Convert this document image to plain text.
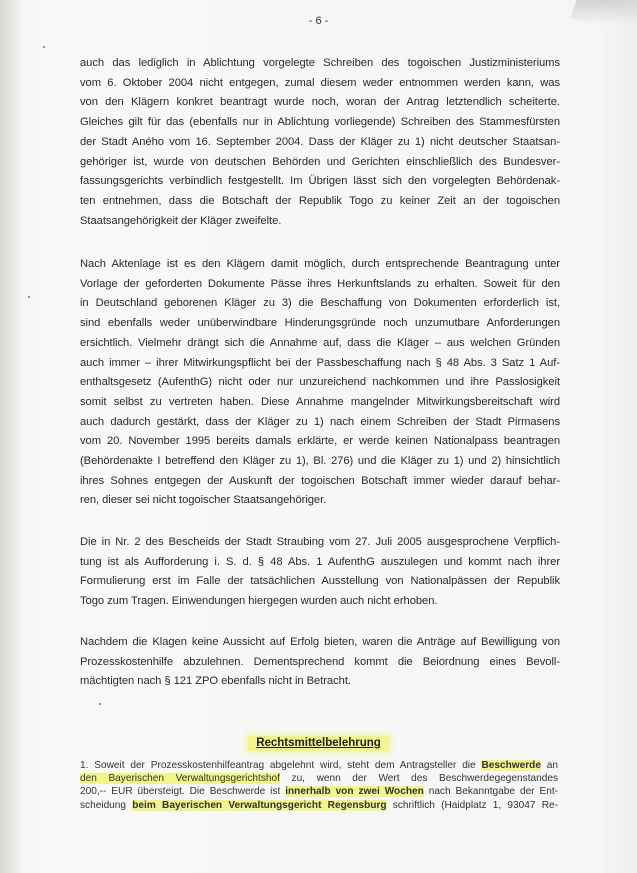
- 6 -
auch das lediglich in Ablichtung vorgelegte Schreiben des togoischen Justizministeriums
vom 6. Oktober 2004 nicht entgegen, zumal diesem weder entnommen werden kann, was
von den Klägern konkret beantragt wurde noch, woran der Antrag letztendlich scheiterte.
Gleiches gilt für das (ebenfalls nur in Ablichtung vorliegende) Schreiben des Stammesfürsten
der Stadt Aného vom 16. September 2004. Dass der Kläger zu 1) nicht deutscher Staatsan-
gehöriger ist, wurde von deutschen Behörden und Gerichten einschließlich des Bundesver-
fassungsgerichts verbindlich festgestellt. Im Übrigen lässt sich den vorgelegten Behördenak-
ten entnehmen, dass die Botschaft der Republik Togo zu keiner Zeit an der togoischen
Staatsangehörigkeit der Kläger zweifelte.
Nach Aktenlage ist es den Klägern damit möglich, durch entsprechende Beantragung unter
Vorlage der geforderten Dokumente Pässe ihres Herkunftslands zu erhalten. Soweit für den
in Deutschland geborenen Kläger zu 3) die Beschaffung von Dokumenten erforderlich ist,
sind ebenfalls weder unüberwindbare Hinderungsgründe noch unzumutbare Anforderungen
ersichtlich. Vielmehr drängt sich die Annahme auf, dass die Kläger – aus welchen Gründen
auch immer – ihrer Mitwirkungspflicht bei der Passbeschaffung nach § 48 Abs. 3 Satz 1 Auf-
enthaltsgesetz (AufenthG) nicht oder nur unzureichend nachkommen und ihre Passlosigkeit
somit selbst zu vertreten haben. Diese Annahme mangelnder Mitwirkungsbereitschaft wird
auch dadurch gestärkt, dass der Kläger zu 1) nach einem Schreiben der Stadt Pirmasens
vom 20. November 1995 bereits damals erklärte, er werde keinen Nationalpass beantragen
(Behördenakte I betreffend den Kläger zu 1), Bl. 276) und die Kläger zu 1) und 2) hinsichtlich
ihres Sohnes entgegen der Auskunft der togoischen Botschaft immer wieder darauf behar-
ren, dieser sei nicht togoischer Staatsangehöriger.
Die in Nr. 2 des Bescheids der Stadt Straubing vom 27. Juli 2005 ausgesprochene Verpflich-
tung ist als Aufforderung i. S. d. § 48 Abs. 1 AufenthG auszulegen und kommt nach ihrer
Formulierung erst im Falle der tatsächlichen Ausstellung von Nationalpässen der Republik
Togo zum Tragen. Einwendungen hiergegen wurden auch nicht erhoben.
Nachdem die Klagen keine Aussicht auf Erfolg bieten, waren die Anträge auf Bewilligung von
Prozesskostenhilfe abzulehnen. Dementsprechend kommt die Beiordnung eines Bevoll-
mächtigten nach § 121 ZPO ebenfalls nicht in Betracht.
Rechtsmittelbelehrung
1. Soweit der Prozesskostenhilfeantrag abgelehnt wird, steht dem Antragsteller die Beschwerde an
den Bayerischen Verwaltungsgerichtshof zu, wenn der Wert des Beschwerdegegenstandes
200,-- EUR übersteigt. Die Beschwerde ist innerhalb von zwei Wochen nach Bekanntgabe der Ent-
scheidung beim Bayerischen Verwaltungsgericht Regensburg schriftlich (Haidplatz 1, 93047 Re-
